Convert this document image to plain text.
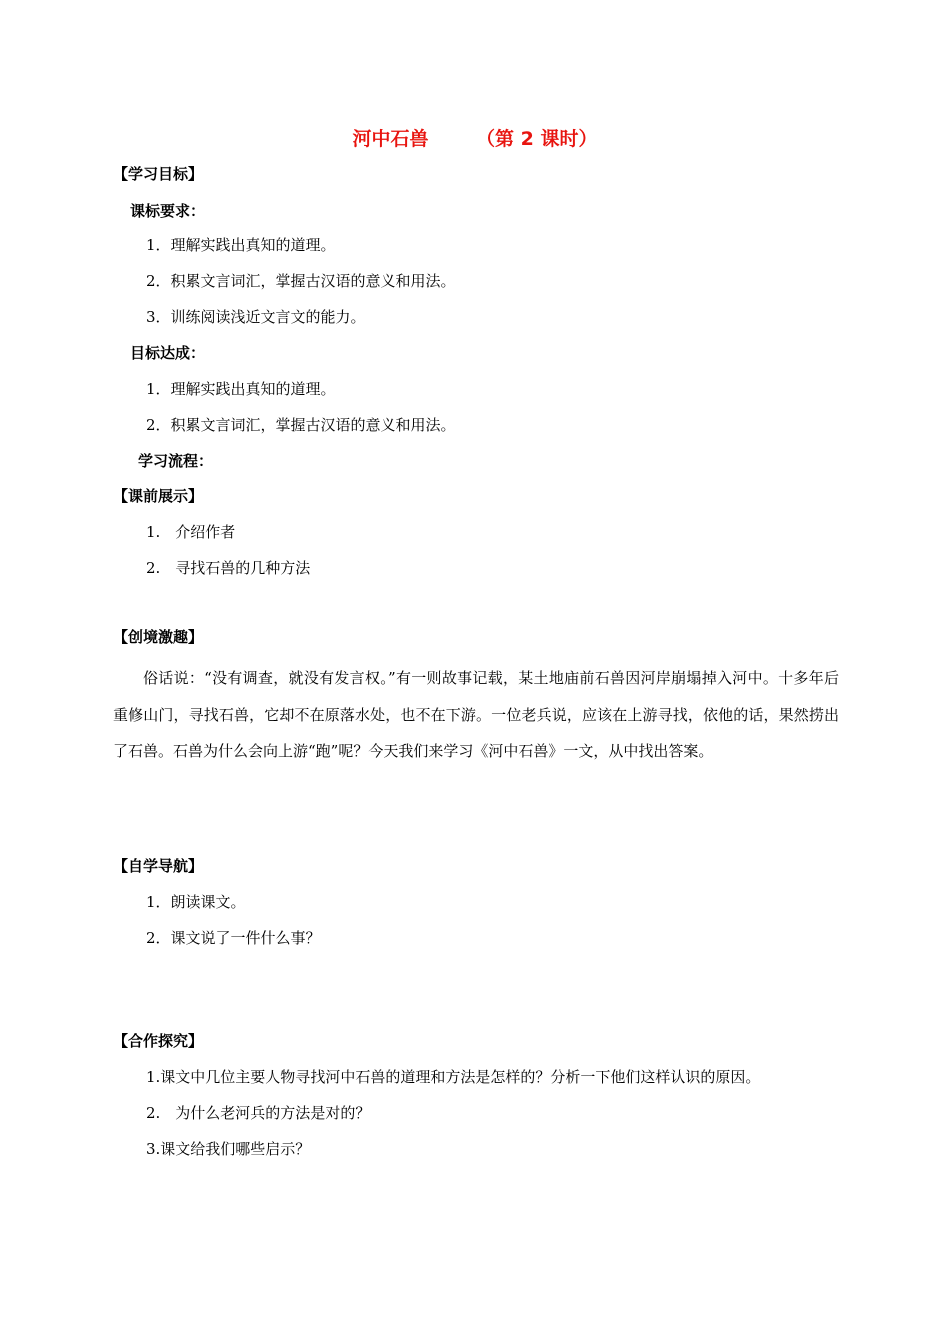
河中石兽　　　（第 2 课时）
【学习目标】
课标要求：
1．理解实践出真知的道理。
2．积累文言词汇，掌握古汉语的意义和用法。
3．训练阅读浅近文言文的能力。
目标达成：
1．理解实践出真知的道理。
2．积累文言词汇，掌握古汉语的意义和用法。
学习流程：
【课前展示】
1.　介绍作者
2.　寻找石兽的几种方法
【创境激趣】
俗话说：“没有调查，就没有发言权。”有一则故事记载，某土地庙前石兽因河岸崩塌掉入河中。十多年后重修山门，寻找石兽，它却不在原落水处，也不在下游。一位老兵说，应该在上游寻找，依他的话，果然捞出了石兽。石兽为什么会向上游“跑”呢？今天我们来学习《河中石兽》一文，从中找出答案。
【自学导航】
1．朗读课文。
2．课文说了一件什么事？
【合作探究】
1.课文中几位主要人物寻找河中石兽的道理和方法是怎样的？分析一下他们这样认识的原因。
2.　为什么老河兵的方法是对的？
3.课文给我们哪些启示？
